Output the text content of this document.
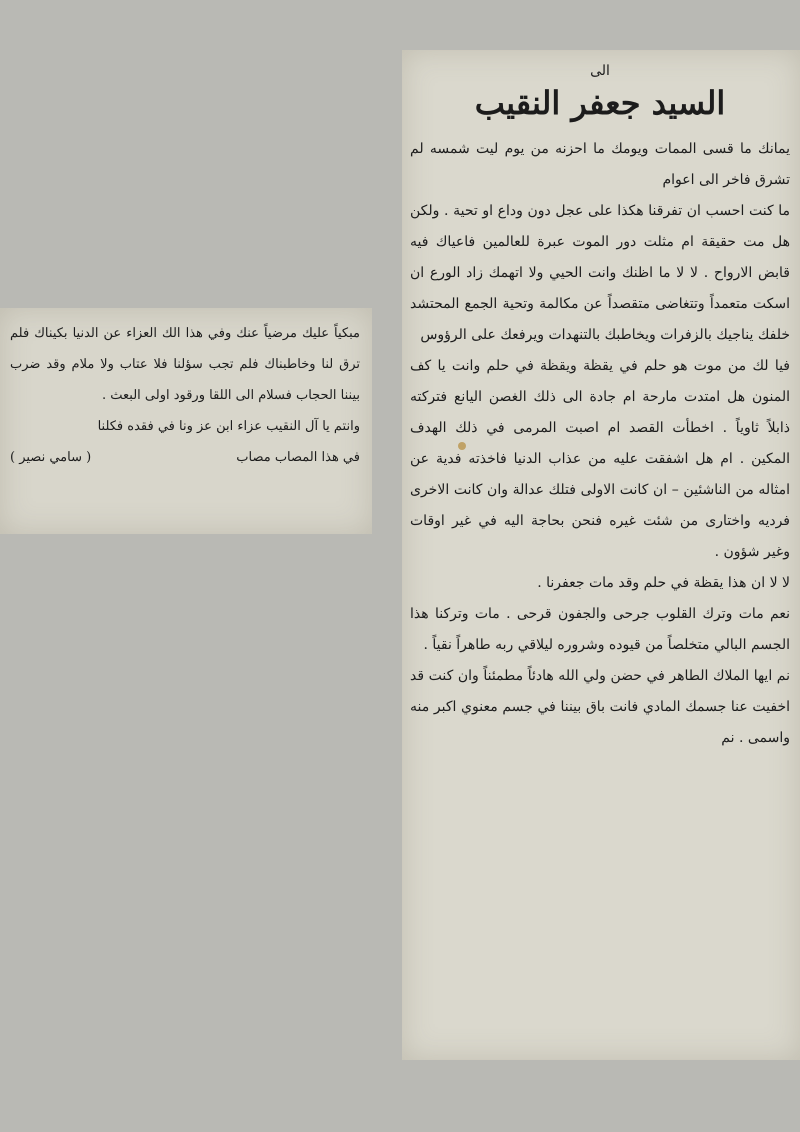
مبكياً عليك مرضياً عنك وفي هذا الك العزاء عن الدنيا بكيناك فلم ترق لنا وخاطبناك فلم تجب سؤلنا فلا عتاب ولا ملام وقد ضرب بيننا الحجاب فسلام الى اللقا ورقود اولى البعث .

وانتم يا آل النقيب عزاء ابن عز ونا في فقده فكلنا

في هذا المصاب مصاب
( سامي نصير )
الى
السيد جعفر النقيب

يمانك ما قسى الممات ويومك ما احزنه من يوم ليت شمسه لم تشرق فاخر الى اعوام

ما كنت احسب ان تفرقنا هكذا على عجل دون وداع او تحية . ولكن هل مت حقيقة ام مثلت دور الموت عبرة للعالمين فاعياك فيه قابض الارواح . لا لا ما اظنك وانت الحيي ولا اتهمك زاد الورع ان اسكت متعمداً وتتغاضى متقصداً عن مكالمة وتحية الجمع المحتشد خلفك يناجيك بالزفرات ويخاطبك بالتنهدات ويرفعك على الرؤوس

فيا لك من موت هو حلم في يقظة ويقظة في حلم وانت يا كف المنون هل امتدت مارحة ام جادة الى ذلك الغصن اليانع فتركته ذابلاً ثاوياً . اخطأت القصد ام اصبت المرمى في ذلك الهدف المكين . ام هل اشفقت عليه من عذاب الدنيا فاخذته فدية عن امثاله من الناشئين – ان كانت الاولى فتلك عدالة وان كانت الاخرى فرديه واختارى من شئت غيره فنحن بحاجة اليه في غير اوقات وغير شؤون .

لا لا ان هذا يقظة في حلم وقد مات جعفرنا .

نعم مات وترك القلوب جرحى والجفون قرحى . مات وتركنا هذا الجسم البالي متخلصاً من قيوده وشروره ليلاقي ربه طاهراً نقياً .

نم ايها الملاك الطاهر في حضن ولي الله هادئاً مطمئناً وان كنت قد اخفيت عنا جسمك المادي فانت باق بيننا في جسم معنوي اكبر منه واسمى . نم
